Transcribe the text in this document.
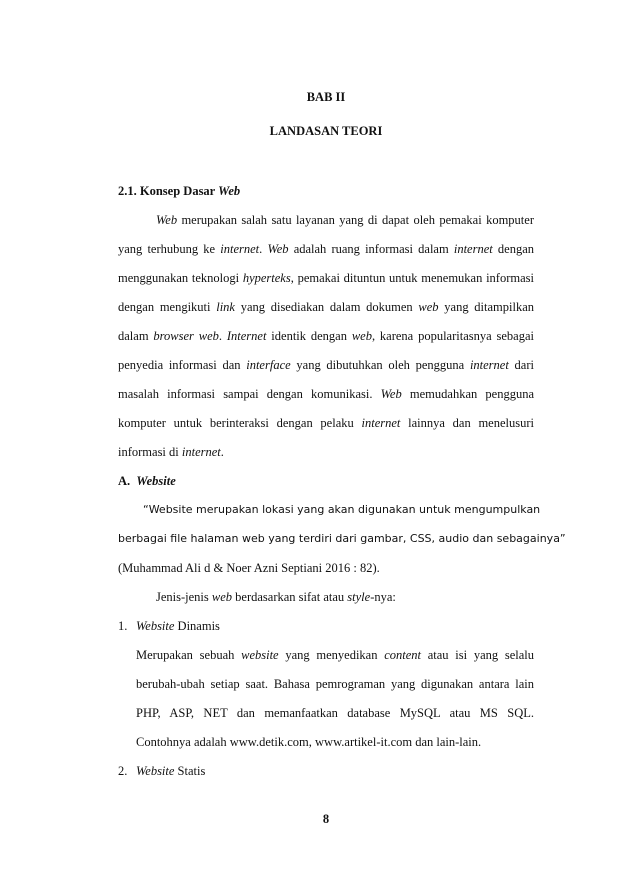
BAB II
LANDASAN TEORI
2.1. Konsep Dasar Web
Web merupakan salah satu layanan yang di dapat oleh pemakai komputer
yang terhubung ke internet. Web adalah ruang informasi dalam internet dengan
menggunakan teknologi hyperteks, pemakai dituntun untuk menemukan informasi
dengan mengikuti link yang disediakan dalam dokumen web yang ditampilkan
dalam browser web. Internet identik dengan web, karena popularitasnya sebagai
penyedia informasi dan interface yang dibutuhkan oleh pengguna internet dari
masalah informasi sampai dengan komunikasi. Web memudahkan pengguna
komputer untuk berinteraksi dengan pelaku internet lainnya dan menelusuri
informasi di internet.
A. Website
“Website merupakan lokasi yang akan digunakan untuk mengumpulkan
berbagai file halaman web yang terdiri dari gambar, CSS, audio dan sebagainya”
(Muhammad Ali d & Noer Azni Septiani 2016 : 82).
Jenis-jenis web berdasarkan sifat atau style-nya:
1. Website Dinamis
Merupakan sebuah website yang menyedikan content atau isi yang selalu
berubah-ubah setiap saat. Bahasa pemrograman yang digunakan antara lain
PHP, ASP, NET dan memanfaatkan database MySQL atau MS SQL.
Contohnya adalah www.detik.com, www.artikel-it.com dan lain-lain.
2. Website Statis
8
